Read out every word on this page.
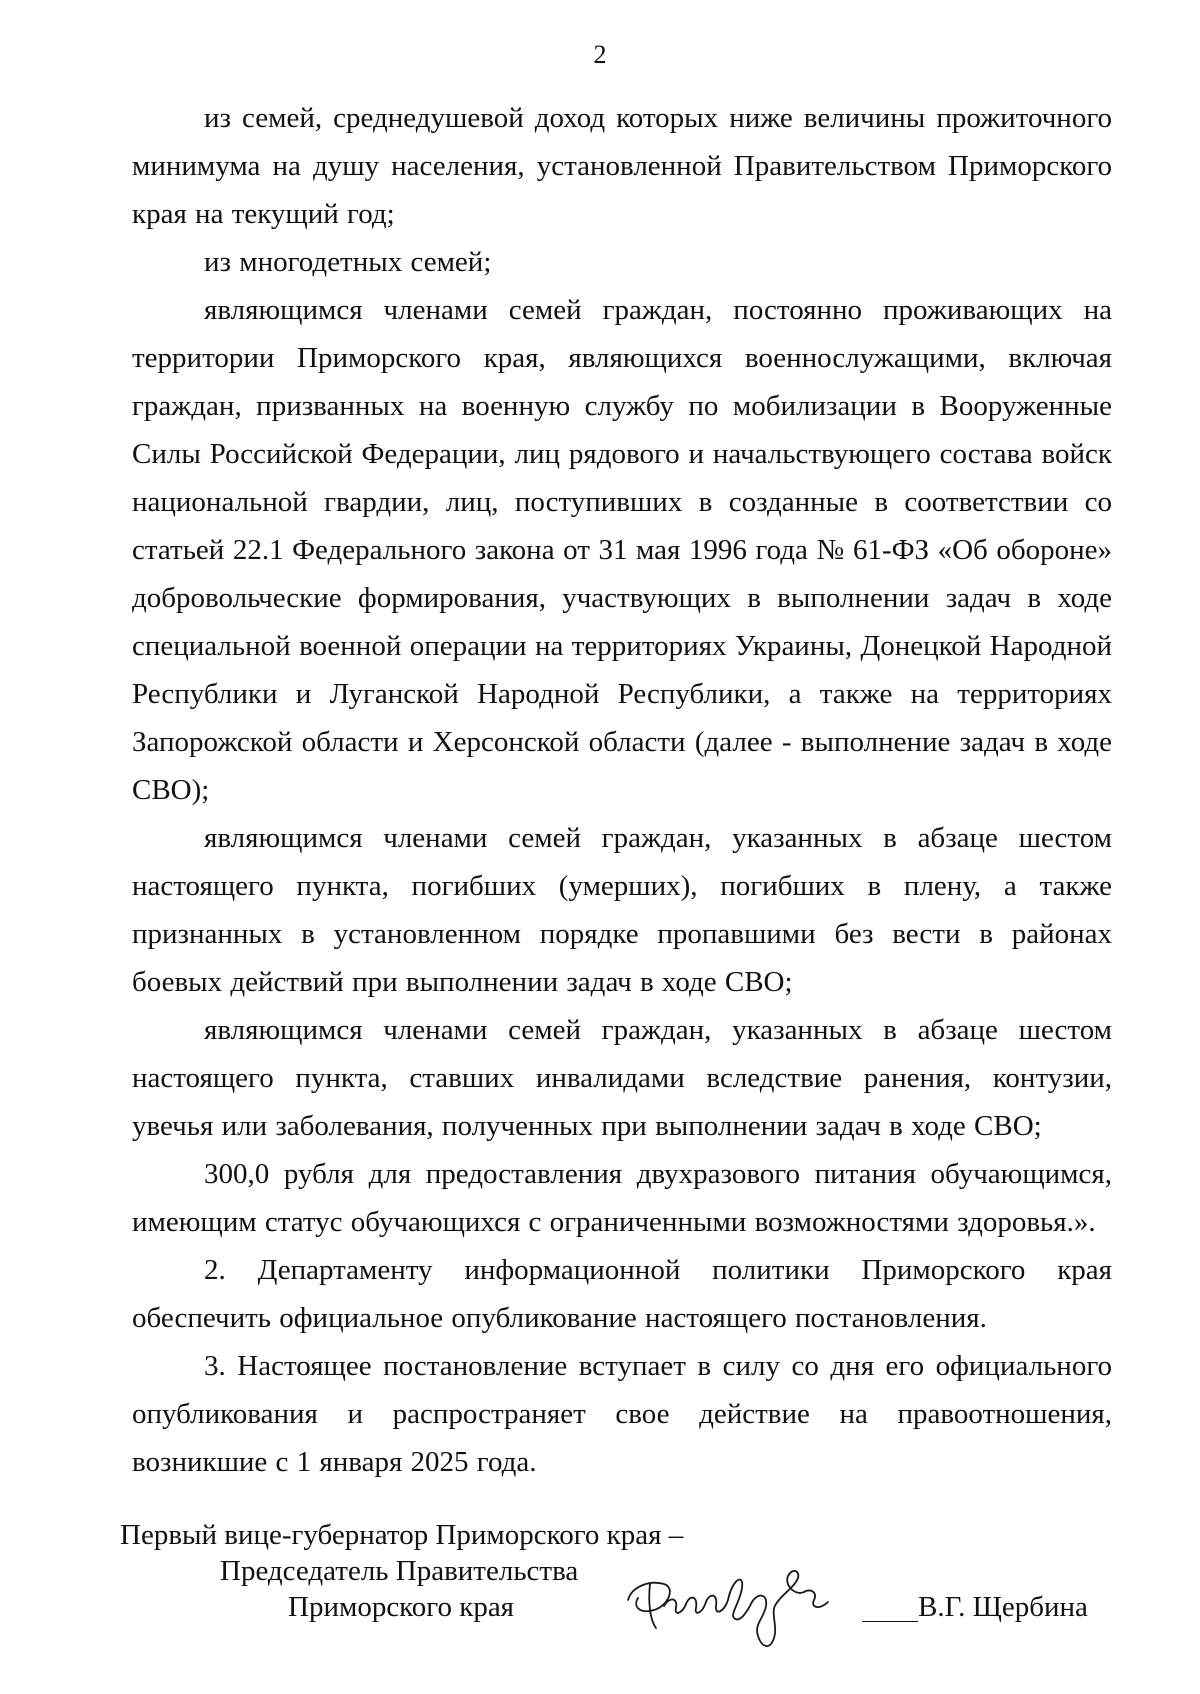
2

из семей, среднедушевой доход которых ниже величины прожиточного минимума на душу населения, установленной Правительством Приморского края на текущий год;

из многодетных семей;

являющимся членами семей граждан, постоянно проживающих на территории Приморского края, являющихся военнослужащими, включая граждан, призванных на военную службу по мобилизации в Вооруженные Силы Российской Федерации, лиц рядового и начальствующего состава войск национальной гвардии, лиц, поступивших в созданные в соответствии со статьей 22.1 Федерального закона от 31 мая 1996 года № 61-ФЗ «Об обороне» добровольческие формирования, участвующих в выполнении задач в ходе специальной военной операции на территориях Украины, Донецкой Народной Республики и Луганской Народной Республики, а также на территориях Запорожской области и Херсонской области (далее - выполнение задач в ходе СВО);

являющимся членами семей граждан, указанных в абзаце шестом настоящего пункта, погибших (умерших), погибших в плену, а также признанных в установленном порядке пропавшими без вести в районах боевых действий при выполнении задач в ходе СВО;

являющимся членами семей граждан, указанных в абзаце шестом настоящего пункта, ставших инвалидами вследствие ранения, контузии, увечья или заболевания, полученных при выполнении задач в ходе СВО;

300,0 рубля для предоставления двухразового питания обучающимся, имеющим статус обучающихся с ограниченными возможностями здоровья.».

2. Департаменту информационной политики Приморского края обеспечить официальное опубликование настоящего постановления.

3. Настоящее постановление вступает в силу со дня его официального опубликования и распространяет свое действие на правоотношения, возникшие с 1 января 2025 года.

Первый вице-губернатор Приморского края –
Председатель Правительства
Приморского края	В.Г. Щербина
